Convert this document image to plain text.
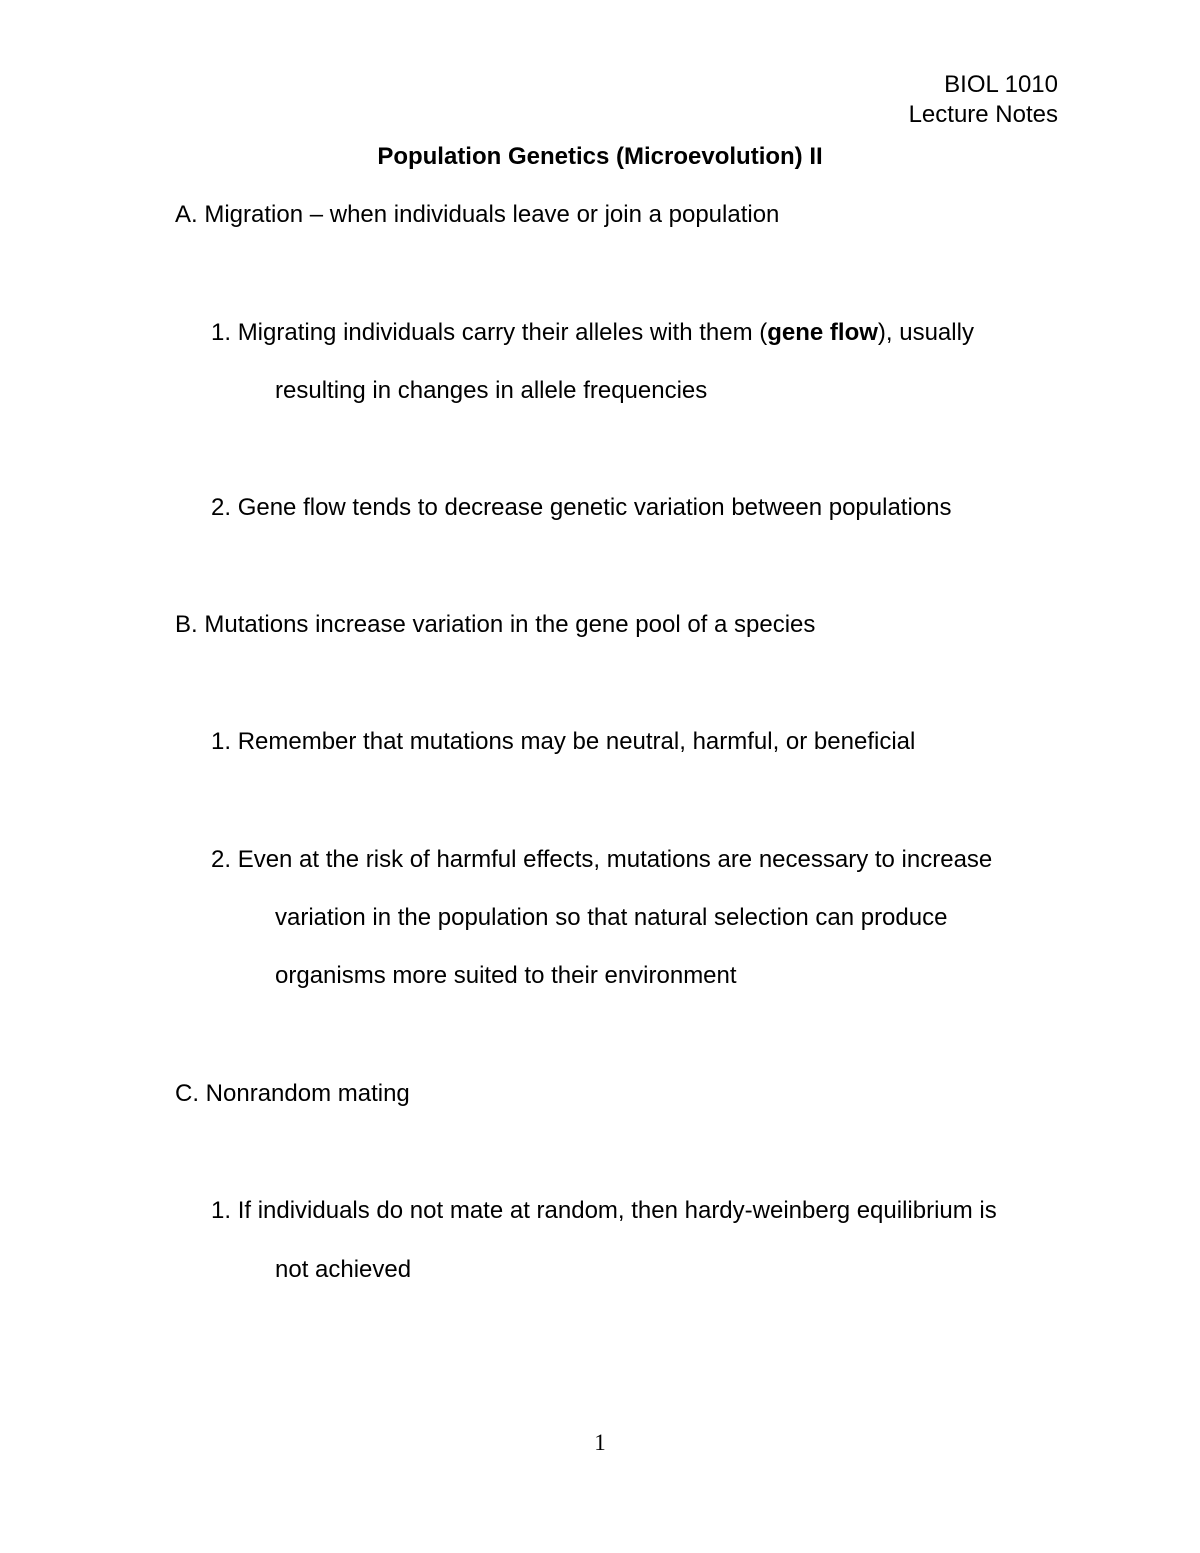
BIOL 1010
Lecture Notes
Population Genetics (Microevolution) II
A. Migration – when individuals leave or join a population
1. Migrating individuals carry their alleles with them (gene flow), usually
resulting in changes in allele frequencies
2. Gene flow tends to decrease genetic variation between populations
B. Mutations increase variation in the gene pool of a species
1. Remember that mutations may be neutral, harmful, or beneficial
2. Even at the risk of harmful effects, mutations are necessary to increase
variation in the population so that natural selection can produce
organisms more suited to their environment
C. Nonrandom mating
1. If individuals do not mate at random, then hardy-weinberg equilibrium is
not achieved
1
